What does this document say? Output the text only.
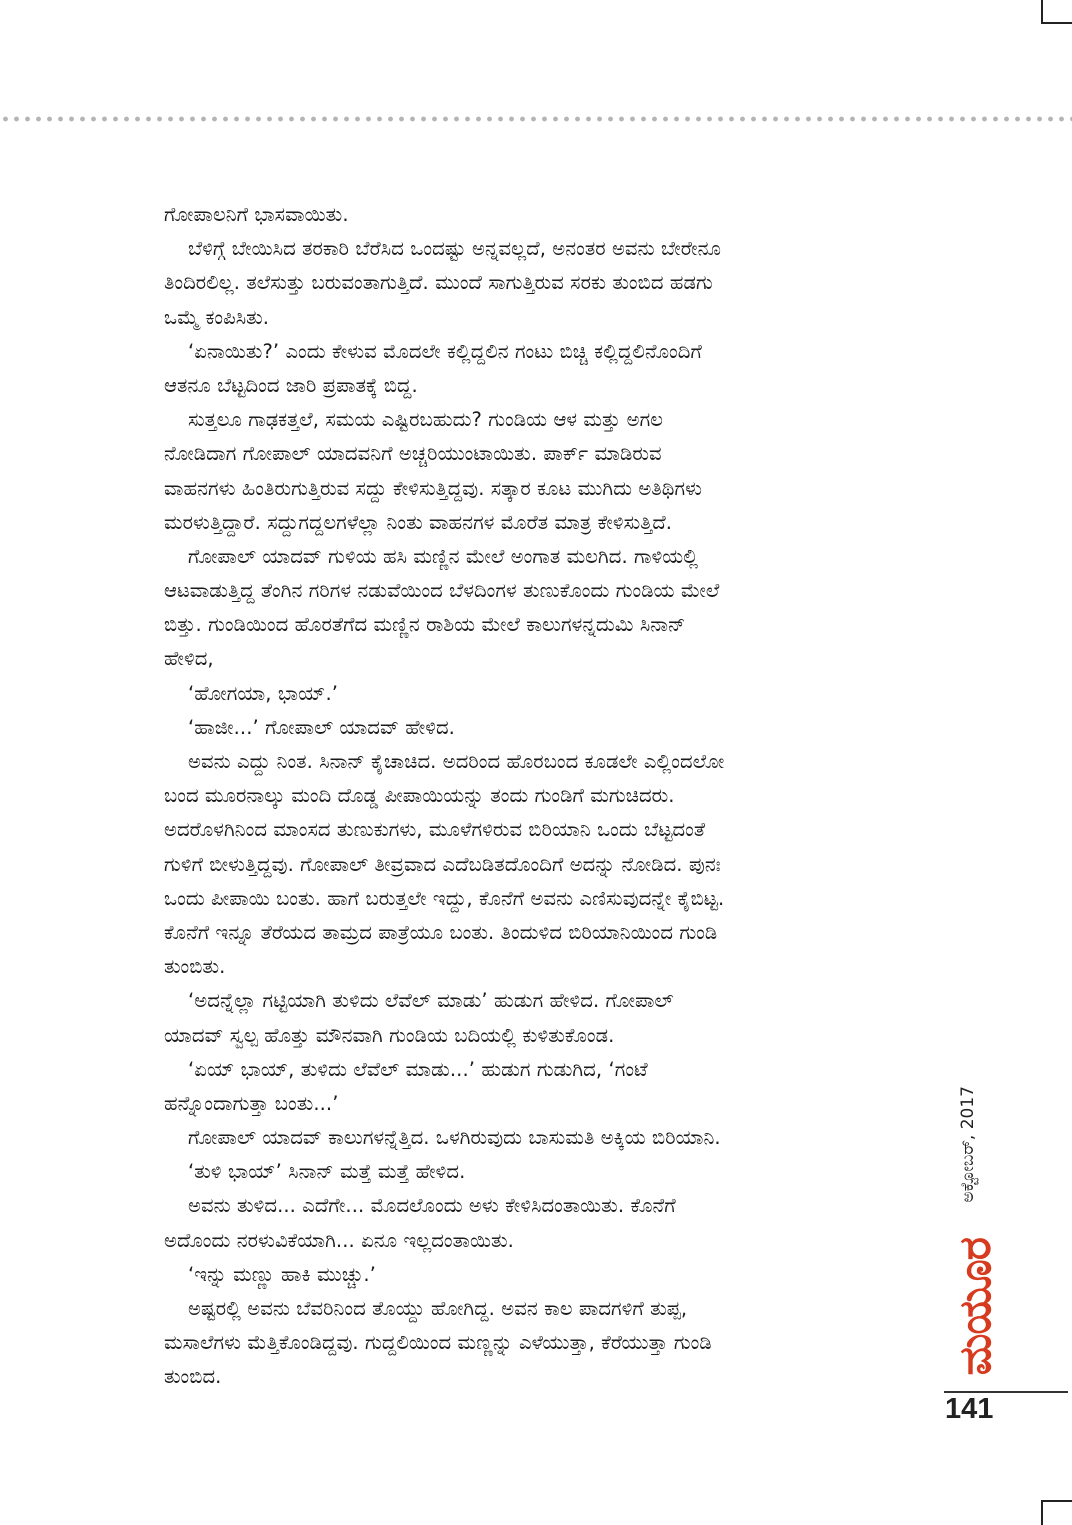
ಗೋಪಾಲನಿಗೆ ಭಾಸವಾಯಿತು.
ಬೆಳಿಗ್ಗೆ ಬೇಯಿಸಿದ ತರಕಾರಿ ಬೆರೆಸಿದ ಒಂದಷ್ಟು ಅನ್ನವಲ್ಲದೆ, ಅನಂತರ ಅವನು ಬೇರೇನೂ
ತಿಂದಿರಲಿಲ್ಲ. ತಲೆಸುತ್ತು ಬರುವಂತಾಗುತ್ತಿದೆ. ಮುಂದೆ ಸಾಗುತ್ತಿರುವ ಸರಕು ತುಂಬಿದ ಹಡಗು
ಒಮ್ಮೆ ಕಂಪಿಸಿತು.
‘ಏನಾಯಿತು?’ ಎಂದು ಕೇಳುವ ಮೊದಲೇ ಕಲ್ಲಿದ್ದಲಿನ ಗಂಟು ಬಿಚ್ಚಿ ಕಲ್ಲಿದ್ದಲಿನೊಂದಿಗೆ
ಆತನೂ ಬೆಟ್ಟದಿಂದ ಜಾರಿ ಪ್ರಪಾತಕ್ಕೆ ಬಿದ್ದ.
ಸುತ್ತಲೂ ಗಾಢಕತ್ತಲೆ, ಸಮಯ ಎಷ್ಟಿರಬಹುದು? ಗುಂಡಿಯ ಆಳ ಮತ್ತು ಅಗಲ
ನೋಡಿದಾಗ ಗೋಪಾಲ್ ಯಾದವನಿಗೆ ಅಚ್ಚರಿಯುಂಟಾಯಿತು. ಪಾರ್ಕ್ ಮಾಡಿರುವ
ವಾಹನಗಳು ಹಿಂತಿರುಗುತ್ತಿರುವ ಸದ್ದು ಕೇಳಿಸುತ್ತಿದ್ದವು. ಸತ್ಕಾರ ಕೂಟ ಮುಗಿದು ಅತಿಥಿಗಳು
ಮರಳುತ್ತಿದ್ದಾರೆ. ಸದ್ದುಗದ್ದಲಗಳೆಲ್ಲಾ ನಿಂತು ವಾಹನಗಳ ಮೊರೆತ ಮಾತ್ರ ಕೇಳಿಸುತ್ತಿದೆ.
ಗೋಪಾಲ್ ಯಾದವ್ ಗುಳಿಯ ಹಸಿ ಮಣ್ಣಿನ ಮೇಲೆ ಅಂಗಾತ ಮಲಗಿದ. ಗಾಳಿಯಲ್ಲಿ
ಆಟವಾಡುತ್ತಿದ್ದ ತೆಂಗಿನ ಗರಿಗಳ ನಡುವೆಯಿಂದ ಬೆಳದಿಂಗಳ ತುಣುಕೊಂದು ಗುಂಡಿಯ ಮೇಲೆ
ಬಿತ್ತು. ಗುಂಡಿಯಿಂದ ಹೊರತೆಗೆದ ಮಣ್ಣಿನ ರಾಶಿಯ ಮೇಲೆ ಕಾಲುಗಳನ್ನದುಮಿ ಸಿನಾನ್
ಹೇಳಿದ,
‘ಹೋಗಯಾ, ಭಾಯ್.’
‘ಹಾಜೀ...’ ಗೋಪಾಲ್ ಯಾದವ್ ಹೇಳಿದ.
ಅವನು ಎದ್ದು ನಿಂತ. ಸಿನಾನ್ ಕೈಚಾಚಿದ. ಅದರಿಂದ ಹೊರಬಂದ ಕೂಡಲೇ ಎಲ್ಲಿಂದಲೋ
ಬಂದ ಮೂರನಾಲ್ಕು ಮಂದಿ ದೊಡ್ಡ ಪೀಪಾಯಿಯನ್ನು ತಂದು ಗುಂಡಿಗೆ ಮಗುಚಿದರು.
ಅದರೊಳಗಿನಿಂದ ಮಾಂಸದ ತುಣುಕುಗಳು, ಮೂಳೆಗಳಿರುವ ಬಿರಿಯಾನಿ ಒಂದು ಬೆಟ್ಟದಂತೆ
ಗುಳಿಗೆ ಬೀಳುತ್ತಿದ್ದವು. ಗೋಪಾಲ್ ತೀವ್ರವಾದ ಎದೆಬಡಿತದೊಂದಿಗೆ ಅದನ್ನು ನೋಡಿದ. ಪುನಃ
ಒಂದು ಪೀಪಾಯಿ ಬಂತು. ಹಾಗೆ ಬರುತ್ತಲೇ ಇದ್ದು, ಕೊನೆಗೆ ಅವನು ಎಣಿಸುವುದನ್ನೇ ಕೈಬಿಟ್ಟ.
ಕೊನೆಗೆ ಇನ್ನೂ ತೆರೆಯದ ತಾಮ್ರದ ಪಾತ್ರೆಯೂ ಬಂತು. ತಿಂದುಳಿದ ಬಿರಿಯಾನಿಯಿಂದ ಗುಂಡಿ
ತುಂಬಿತು.
‘ಅದನ್ನೆಲ್ಲಾ ಗಟ್ಟಿಯಾಗಿ ತುಳಿದು ಲೆವೆಲ್ ಮಾಡು’ ಹುಡುಗ ಹೇಳಿದ. ಗೋಪಾಲ್
ಯಾದವ್ ಸ್ವಲ್ಪ ಹೊತ್ತು ಮೌನವಾಗಿ ಗುಂಡಿಯ ಬದಿಯಲ್ಲಿ ಕುಳಿತುಕೊಂಡ.
‘ಏಯ್ ಭಾಯ್, ತುಳಿದು ಲೆವೆಲ್ ಮಾಡು...’ ಹುಡುಗ ಗುಡುಗಿದ, ‘ಗಂಟೆ
ಹನ್ನೊಂದಾಗುತ್ತಾ ಬಂತು...’
ಗೋಪಾಲ್ ಯಾದವ್ ಕಾಲುಗಳನ್ನೆತ್ತಿದ. ಒಳಗಿರುವುದು ಬಾಸುಮತಿ ಅಕ್ಕಿಯ ಬಿರಿಯಾನಿ.
‘ತುಳಿ ಭಾಯ್’ ಸಿನಾನ್ ಮತ್ತೆ ಮತ್ತೆ ಹೇಳಿದ.
ಅವನು ತುಳಿದ... ಎದೆಗೇ... ಮೊದಲೊಂದು ಅಳು ಕೇಳಿಸಿದಂತಾಯಿತು. ಕೊನೆಗೆ
ಅದೊಂದು ನರಳುವಿಕೆಯಾಗಿ... ಏನೂ ಇಲ್ಲದಂತಾಯಿತು.
‘ಇನ್ನು ಮಣ್ಣು ಹಾಕಿ ಮುಚ್ಚು.’
ಅಷ್ಟರಲ್ಲಿ ಅವನು ಬೆವರಿನಿಂದ ತೊಯ್ದು ಹೋಗಿದ್ದ. ಅವನ ಕಾಲ ಪಾದಗಳಿಗೆ ತುಪ್ಪ,
ಮಸಾಲೆಗಳು ಮೆತ್ತಿಕೊಂಡಿದ್ದವು. ಗುದ್ದಲಿಯಿಂದ ಮಣ್ಣನ್ನು ಎಳೆಯುತ್ತಾ, ಕೆರೆಯುತ್ತಾ ಗುಂಡಿ
ತುಂಬಿದ.
ಅಕ್ಟೋಬರ್, 2017
ಮಯೂರ
141
